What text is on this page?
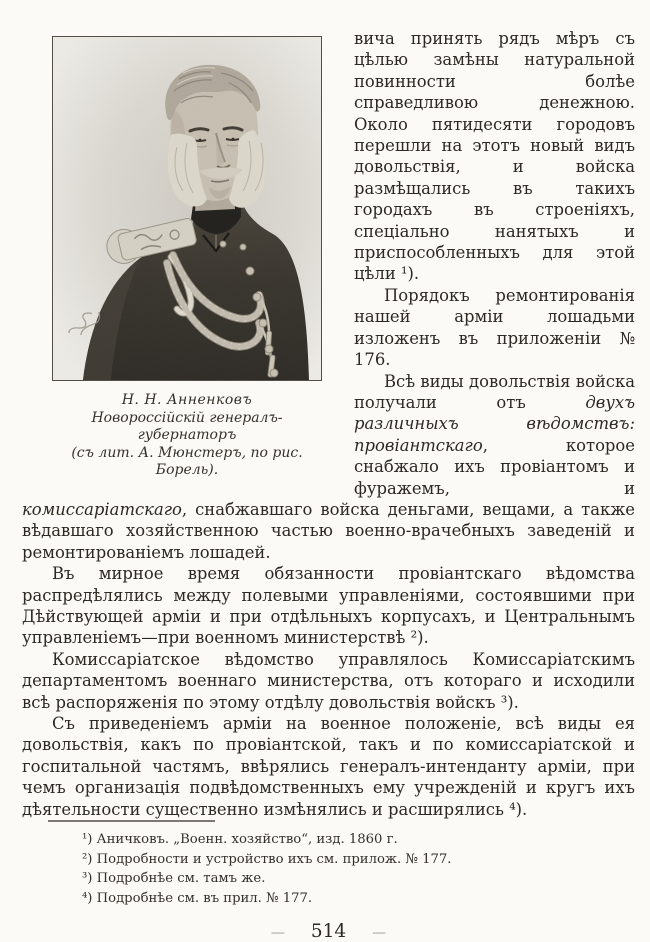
Н. Н. Анненковъ
Новороссійскій генералъ-губернаторъ
(съ лит. А. Мюнстеръ, по рис. Борель).

вича принять рядъ мѣръ съ цѣлью замѣны натуральной повинности болѣе справедливою денежною. Около пятидесяти городовъ перешли на этотъ новый видъ довольствія, и войска размѣщались въ такихъ городахъ въ строеніяхъ, спеціально нанятыхъ и приспособленныхъ для этой цѣли ¹).

Порядокъ ремонтированія нашей арміи лошадьми изложенъ въ приложеніи № 176.

Всѣ виды довольствія войска получали отъ двухъ различныхъ вѣдомствъ: провіантскаго, которое снабжало ихъ провіантомъ и фуражемъ, и комиссаріатскаго, снабжавшаго войска деньгами, вещами, а также вѣдавшаго хозяйственною частью военно-врачебныхъ заведеній и ремонтированіемъ лошадей.

Въ мирное время обязанности провіантскаго вѣдомства распредѣлялись между полевыми управленіями, состоявшими при Дѣйствующей арміи и при отдѣльныхъ корпусахъ, и Центральнымъ управленіемъ—при военномъ министерствѣ ²).

Комиссаріатское вѣдомство управлялось Комиссаріатскимъ департаментомъ военнаго министерства, отъ котораго и исходили всѣ распоряженія по этому отдѣлу довольствія войскъ ³).

Съ приведеніемъ арміи на военное положеніе, всѣ виды ея довольствія, какъ по провіантской, такъ и по комиссаріатской и госпитальной частямъ, ввѣрялись генералъ-интенданту арміи, при чемъ организація подвѣдомственныхъ ему учрежденій и кругъ ихъ дѣятельности существенно измѣнялись и расширялись ⁴).

¹) Аничковъ. „Военн. хозяйство“, изд. 1860 г.
²) Подробности и устройство ихъ см. прилож. № 177.
³) Подробнѣе см. тамъ же.
⁴) Подробнѣе см. въ прил. № 177.
— 514 —
